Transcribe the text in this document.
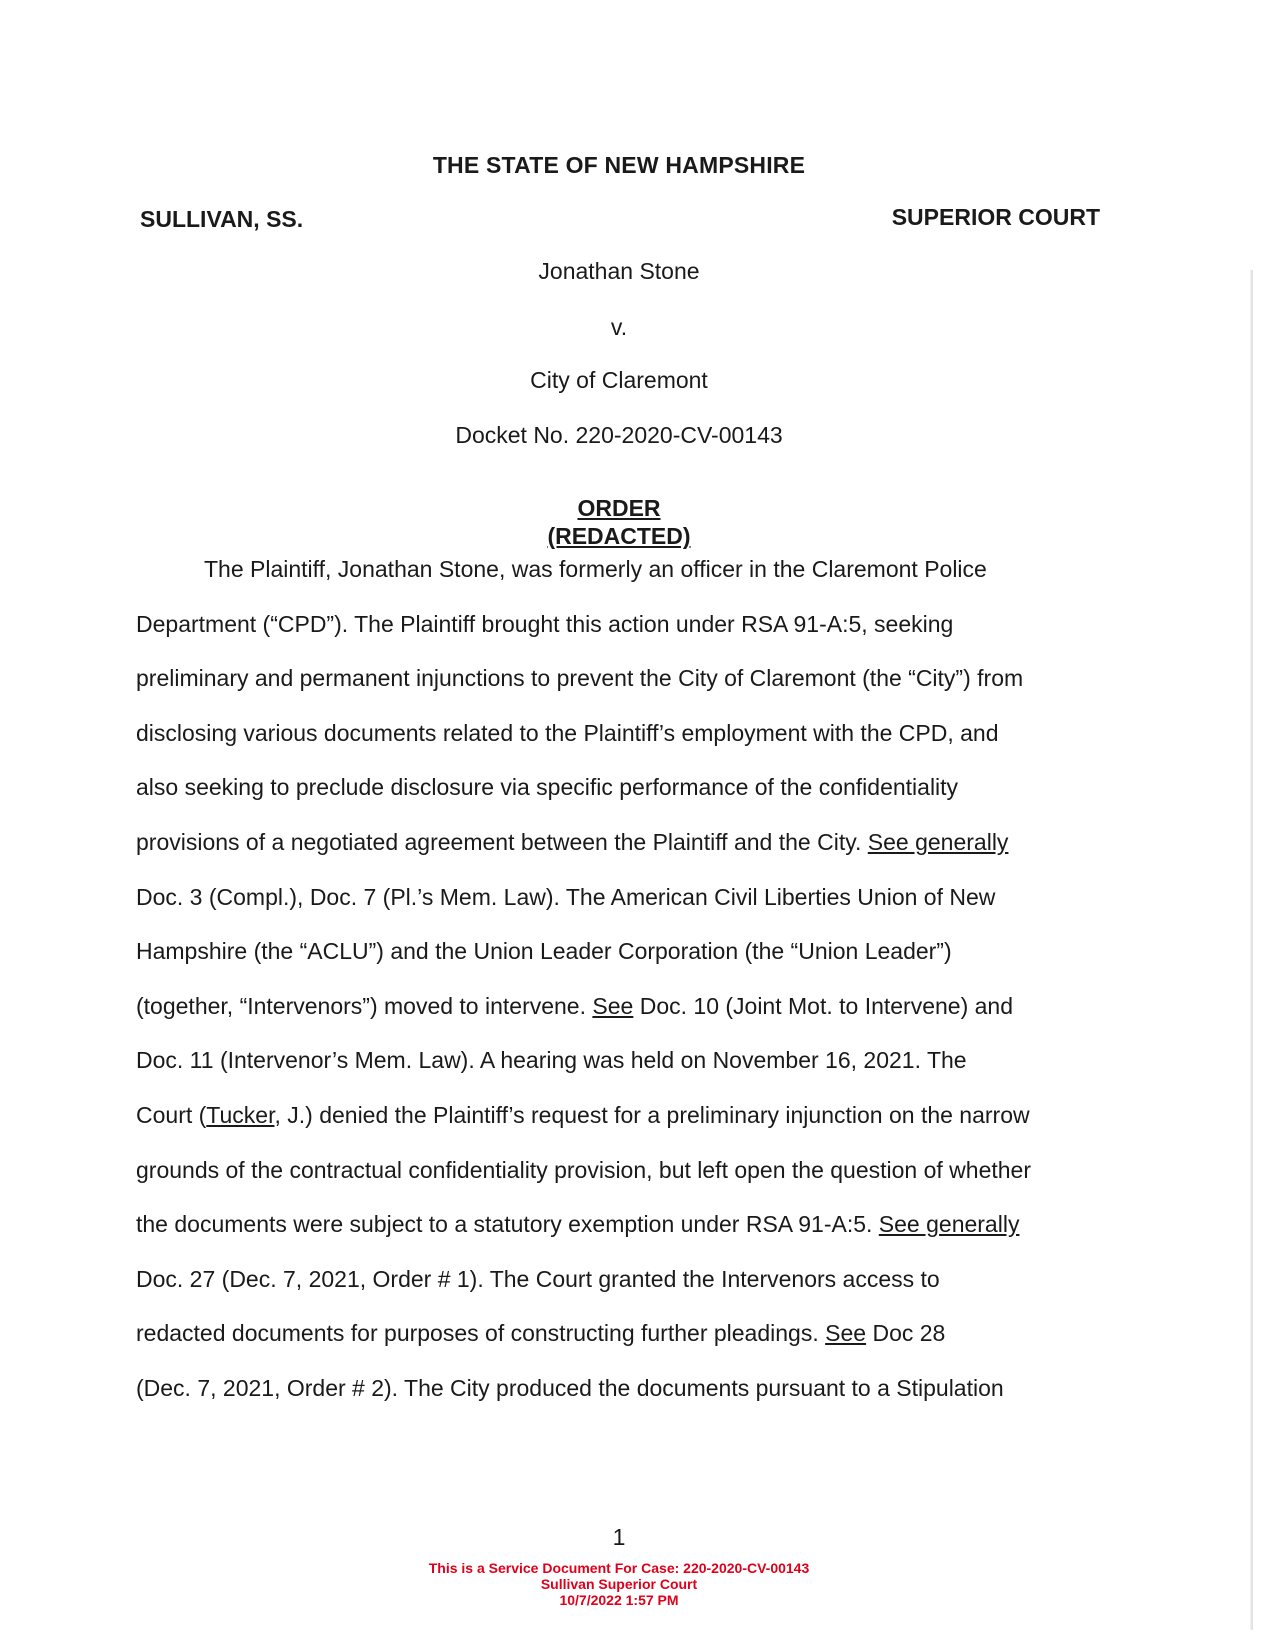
THE STATE OF NEW HAMPSHIRE
SULLIVAN, SS.	SUPERIOR COURT
Jonathan Stone
v.
City of Claremont
Docket No. 220-2020-CV-00143
ORDER
(REDACTED)
The Plaintiff, Jonathan Stone, was formerly an officer in the Claremont Police
Department (“CPD”). The Plaintiff brought this action under RSA 91-A:5, seeking
preliminary and permanent injunctions to prevent the City of Claremont (the “City”) from
disclosing various documents related to the Plaintiff’s employment with the CPD, and
also seeking to preclude disclosure via specific performance of the confidentiality
provisions of a negotiated agreement between the Plaintiff and the City. See generally
Doc. 3 (Compl.), Doc. 7 (Pl.’s Mem. Law). The American Civil Liberties Union of New
Hampshire (the “ACLU”) and the Union Leader Corporation (the “Union Leader”)
(together, “Intervenors”) moved to intervene. See Doc. 10 (Joint Mot. to Intervene) and
Doc. 11 (Intervenor’s Mem. Law). A hearing was held on November 16, 2021. The
Court (Tucker, J.) denied the Plaintiff’s request for a preliminary injunction on the narrow
grounds of the contractual confidentiality provision, but left open the question of whether
the documents were subject to a statutory exemption under RSA 91-A:5. See generally
Doc. 27 (Dec. 7, 2021, Order # 1). The Court granted the Intervenors access to
redacted documents for purposes of constructing further pleadings. See Doc 28
(Dec. 7, 2021, Order # 2). The City produced the documents pursuant to a Stipulation
1
This is a Service Document For Case: 220-2020-CV-00143
Sullivan Superior Court
10/7/2022 1:57 PM
